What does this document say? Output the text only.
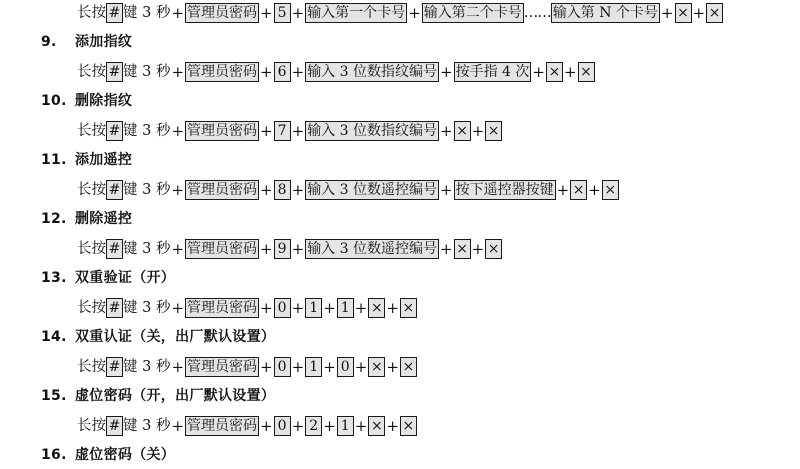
长按 # 键 3 秒 + 管理员密码 + 5 + 输入第一个卡号 + 输入第二个卡号 …… 输入第 N 个卡号 + × + ×
9. 添加指纹
长按 # 键 3 秒 + 管理员密码 + 6 + 输入 3 位数指纹编号 + 按手指 4 次 + × + ×
10. 删除指纹
长按 # 键 3 秒 + 管理员密码 + 7 + 输入 3 位数指纹编号 + × + ×
11. 添加遥控
长按 # 键 3 秒 + 管理员密码 + 8 + 输入 3 位数遥控编号 + 按下遥控器按键 + × + ×
12. 删除遥控
长按 # 键 3 秒 + 管理员密码 + 9 + 输入 3 位数遥控编号 + × + ×
13. 双重验证（开）
长按 # 键 3 秒 + 管理员密码 + 0 + 1 + 1 + × + ×
14. 双重认证（关，出厂默认设置）
长按 # 键 3 秒 + 管理员密码 + 0 + 1 + 0 + × + ×
15. 虚位密码（开，出厂默认设置）
长按 # 键 3 秒 + 管理员密码 + 0 + 2 + 1 + × + ×
16. 虚位密码（关）
